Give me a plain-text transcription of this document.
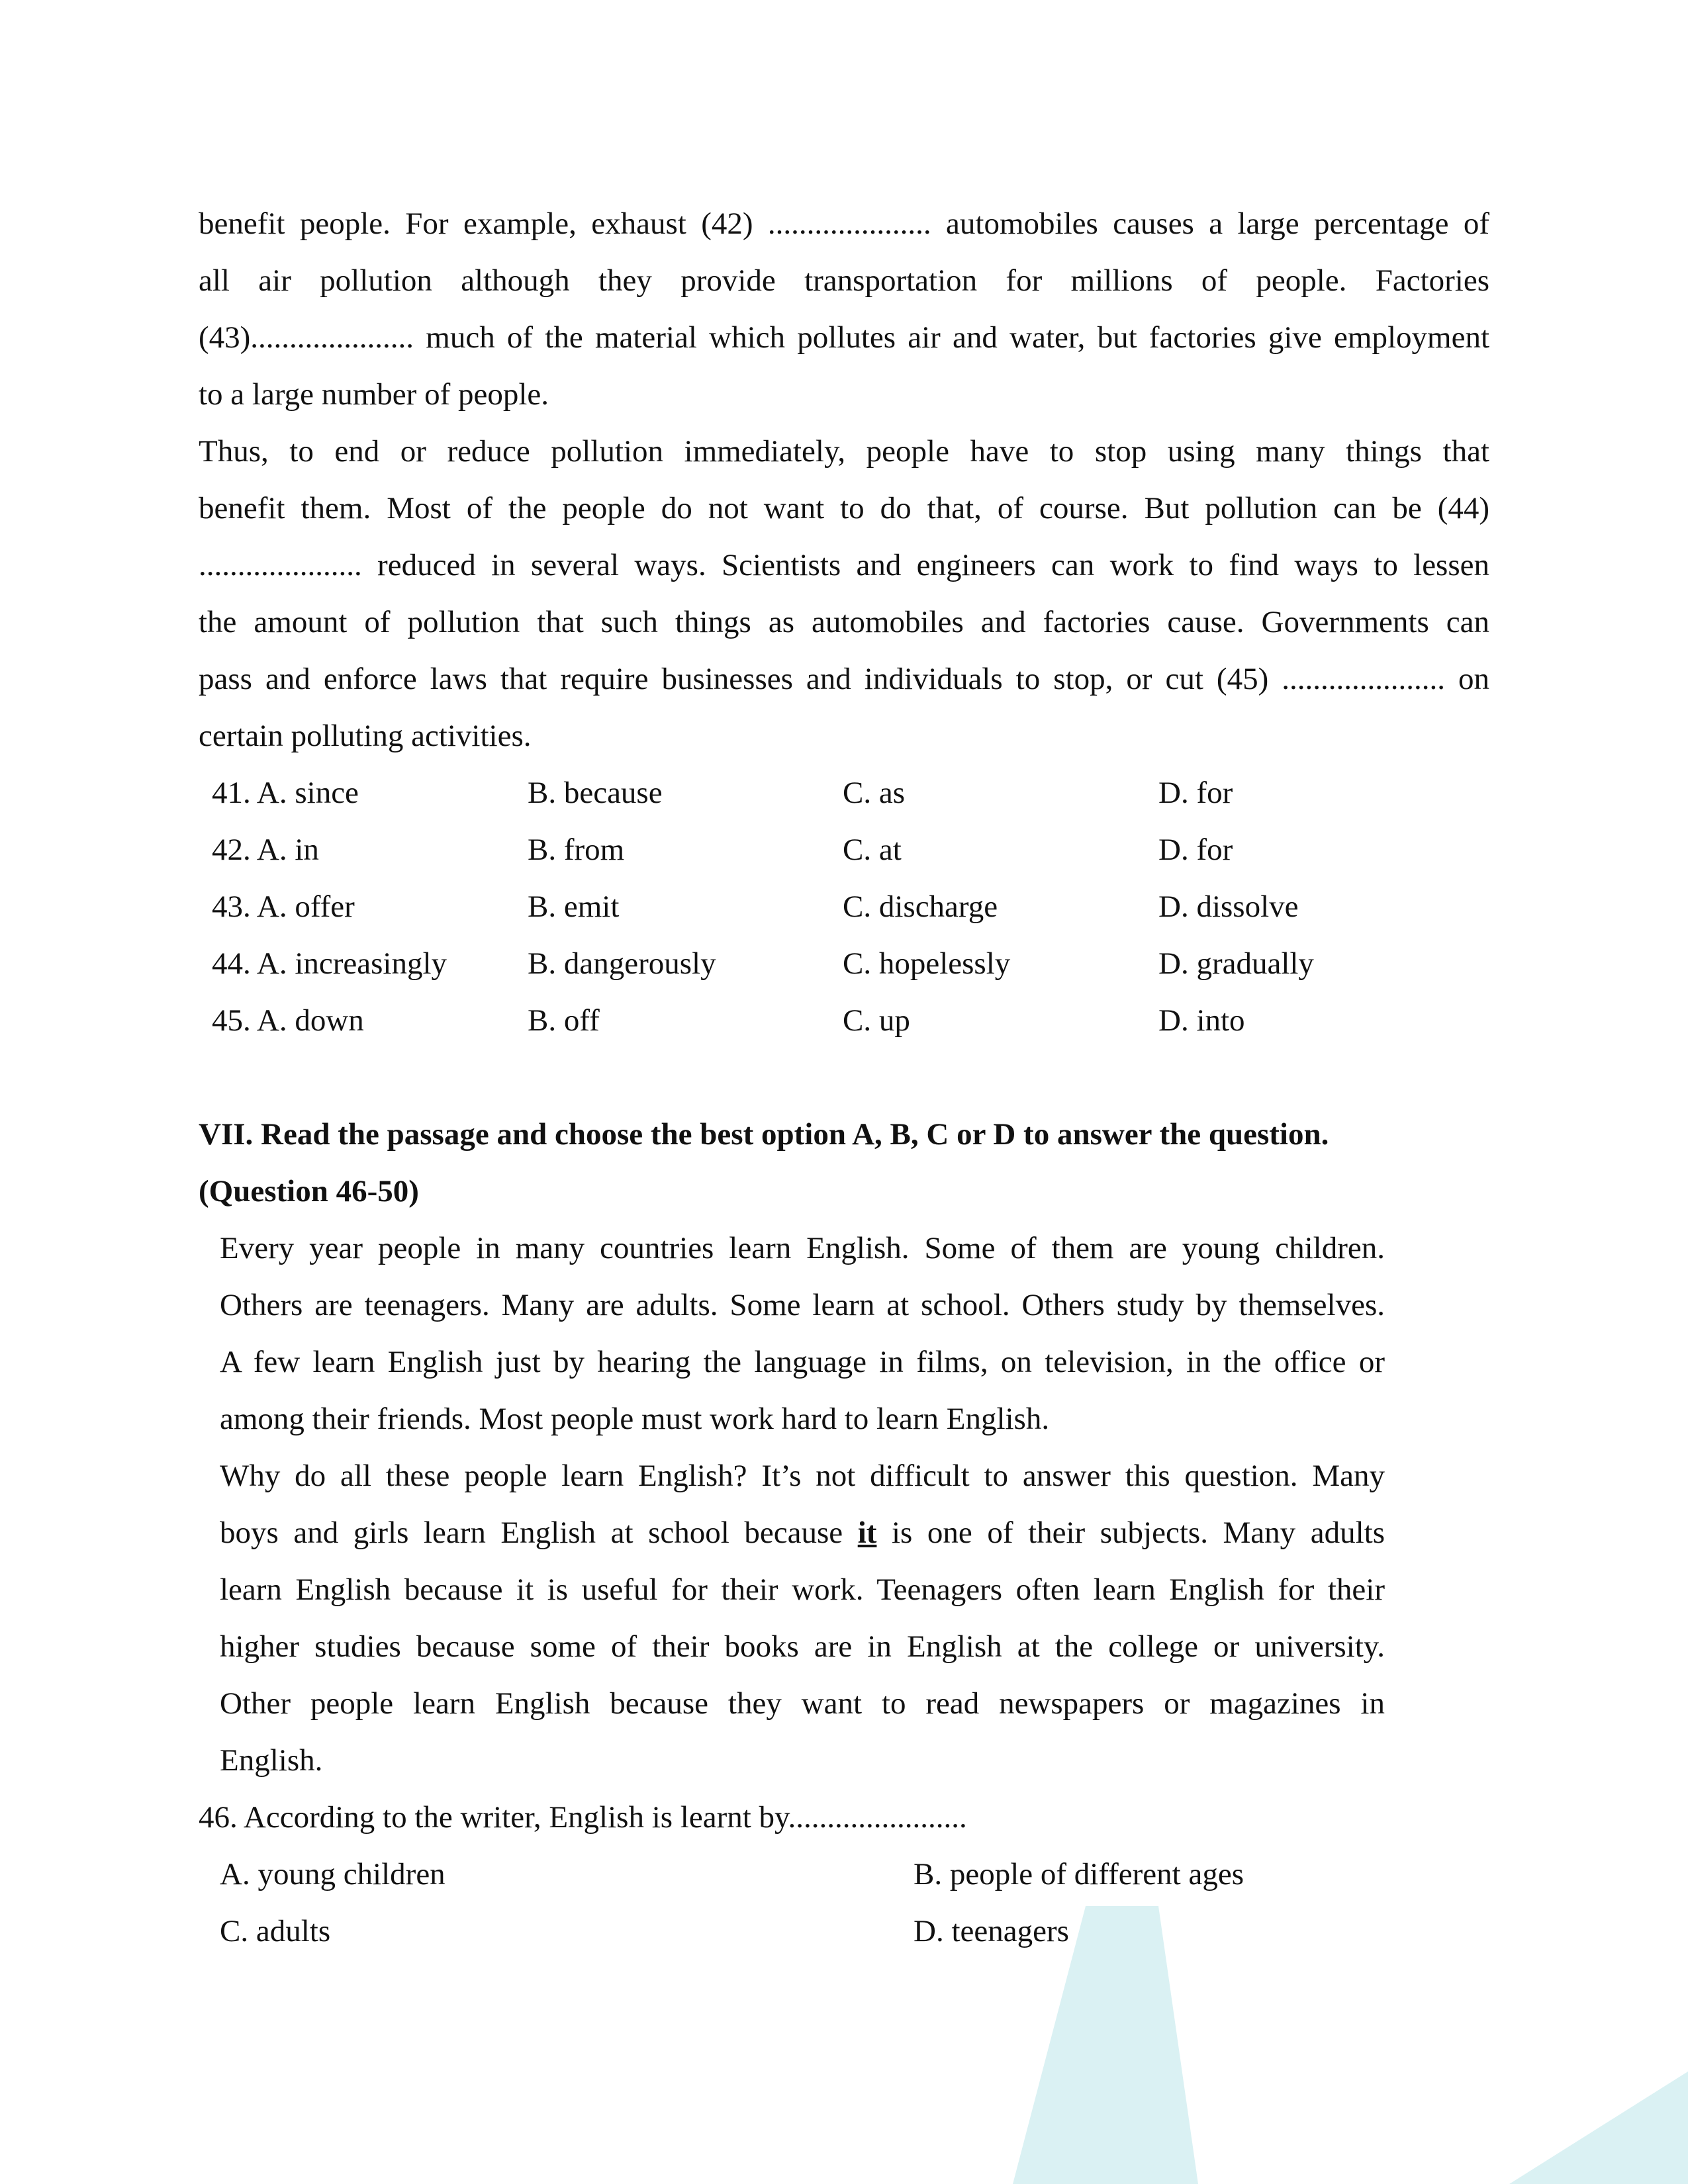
benefit people. For example, exhaust (42) ..................... automobiles causes a large percentage of
all air pollution although they provide transportation for millions of people. Factories
(43)..................... much of the material which pollutes air and water, but factories give employment
to a large number of people.
Thus, to end or reduce pollution immediately, people have to stop using many things that
benefit them. Most of the people do not want to do that, of course. But pollution can be (44)
..................... reduced in several ways. Scientists and engineers can work to find ways to lessen
the amount of pollution that such things as automobiles and factories cause. Governments can
pass and enforce laws that require businesses and individuals to stop, or cut (45) ..................... on
certain polluting activities.
41. A. since	B. because	C. as	D. for
42. A. in	B. from	C. at	D. for
43. A. offer	B. emit	C. discharge	D. dissolve
44. A. increasingly	B. dangerously	C. hopelessly	D. gradually
45. A. down	B. off	C. up	D. into
VII. Read the passage and choose the best option A, B, C or D to answer the question.
(Question 46-50)
Every year people in many countries learn English. Some of them are young children.
Others are teenagers. Many are adults. Some learn at school. Others study by themselves.
A few learn English just by hearing the language in films, on television, in the office or
among their friends. Most people must work hard to learn English.
Why do all these people learn English? It’s not difficult to answer this question. Many
boys and girls learn English at school because it is one of their subjects. Many adults
learn English because it is useful for their work. Teenagers often learn English for their
higher studies because some of their books are in English at the college or university.
Other people learn English because they want to read newspapers or magazines in
English.
46. According to the writer, English is learnt by.......................
A. young children	B. people of different ages
C. adults	D. teenagers
